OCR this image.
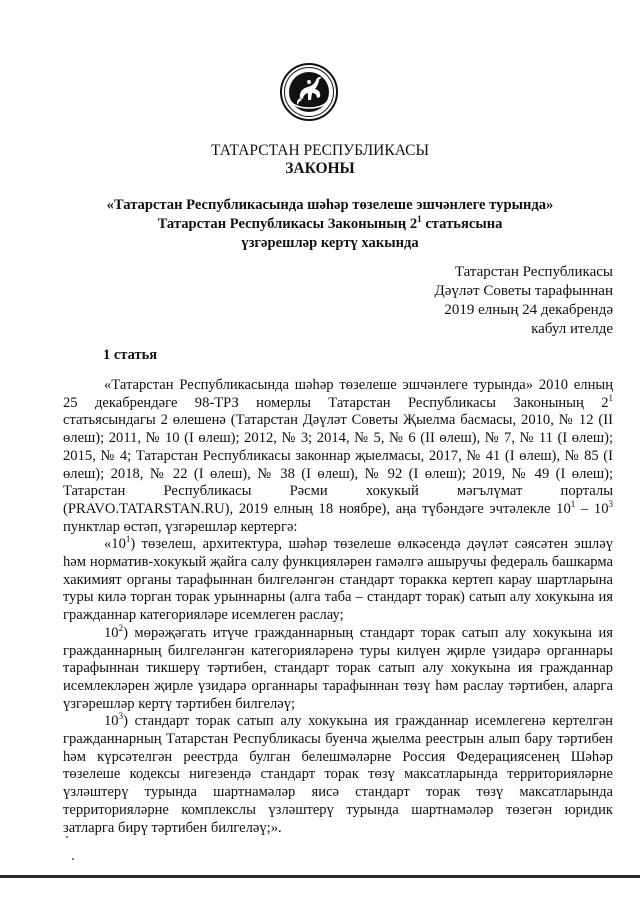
ТАТАРСТАН РЕСПУБЛИКАСЫ
ЗАКОНЫ
«Татарстан Республикасында шәһәр төзелеше эшчәнлеге турында»
Татарстан Республикасы Законының $2^1$ статьясына
үзгәрешләр кертү хакында
Татарстан Республикасы
Дәүләт Советы тарафыннан
2019 елның 24 декабрендә
кабул ителде
1 статья

«Татарстан Республикасында шәһәр төзелеше эшчәнлеге турында» 2010 елның 25 декабрендәге 98-ТРЗ номерлы Татарстан Республикасы Законының $2^1$ статьясындагы 2 өлешенә (Татарстан Дәүләт Советы Җыелма басмасы, 2010, № 12 (II өлеш); 2011, № 10 (I өлеш); 2012, № 3; 2014, № 5, № 6 (II өлеш), № 7, № 11 (I өлеш); 2015, № 4; Татарстан Республикасы законнар җыелмасы, 2017, № 41 (I өлеш), № 85 (I өлеш); 2018, № 22 (I өлеш), № 38 (I өлеш), № 92 (I өлеш); 2019, № 49 (I өлеш); Татарстан Республикасы Рәсми хокукый мәгълүмат порталы (PRAVO.TATARSTAN.RU), 2019 елның 18 ноябре), аңа түбәндәге эчтәлекле $10^1 - 10^3$ пунктлар өстәп, үзгәрешләр кертергә:

«$10^1$) төзелеш, архитектура, шәһәр төзелеше өлкәсендә дәүләт сәясәтен эшләү һәм норматив-хокукый җайга салу функцияләрен гамәлгә ашыручы федераль башкарма хакимият органы тарафыннан билгеләнгән стандарт торакка кертеп карау шартларына туры килә торган торак урыннарны (алга таба – стандарт торак) сатып алу хокукына ия гражданнар категорияләре исемлеген раслау;

$10^2$) мөрәҗәгать итүче гражданнарның стандарт торак сатып алу хокукына ия гражданнарның билгеләнгән категорияләренә туры килүен җирле үзидарә органнары тарафыннан тикшерү тәртибен, стандарт торак сатып алу хокукына ия гражданнар исемлекләрен җирле үзидарә органнары тарафыннан төзү һәм раслау тәртибен, аларга үзгәрешләр кертү тәртибен билгеләү;

$10^3$) стандарт торак сатып алу хокукына ия гражданнар исемлегенә кертелгән гражданнарның Татарстан Республикасы буенча җыелма реестрын алып бару тәртибен һәм күрсәтелгән реестрда булган белешмәләрне Россия Федерациясенең Шәһәр төзелеше кодексы нигезендә стандарт торак төзү максатларында территорияләрне үзләштерү турында шартнамәләр яисә стандарт торак төзү максатларында территорияләрне комплекслы үзләштерү турында шартнамәләр төзегән юридик затларга бирү тәртибен билгеләү;».
